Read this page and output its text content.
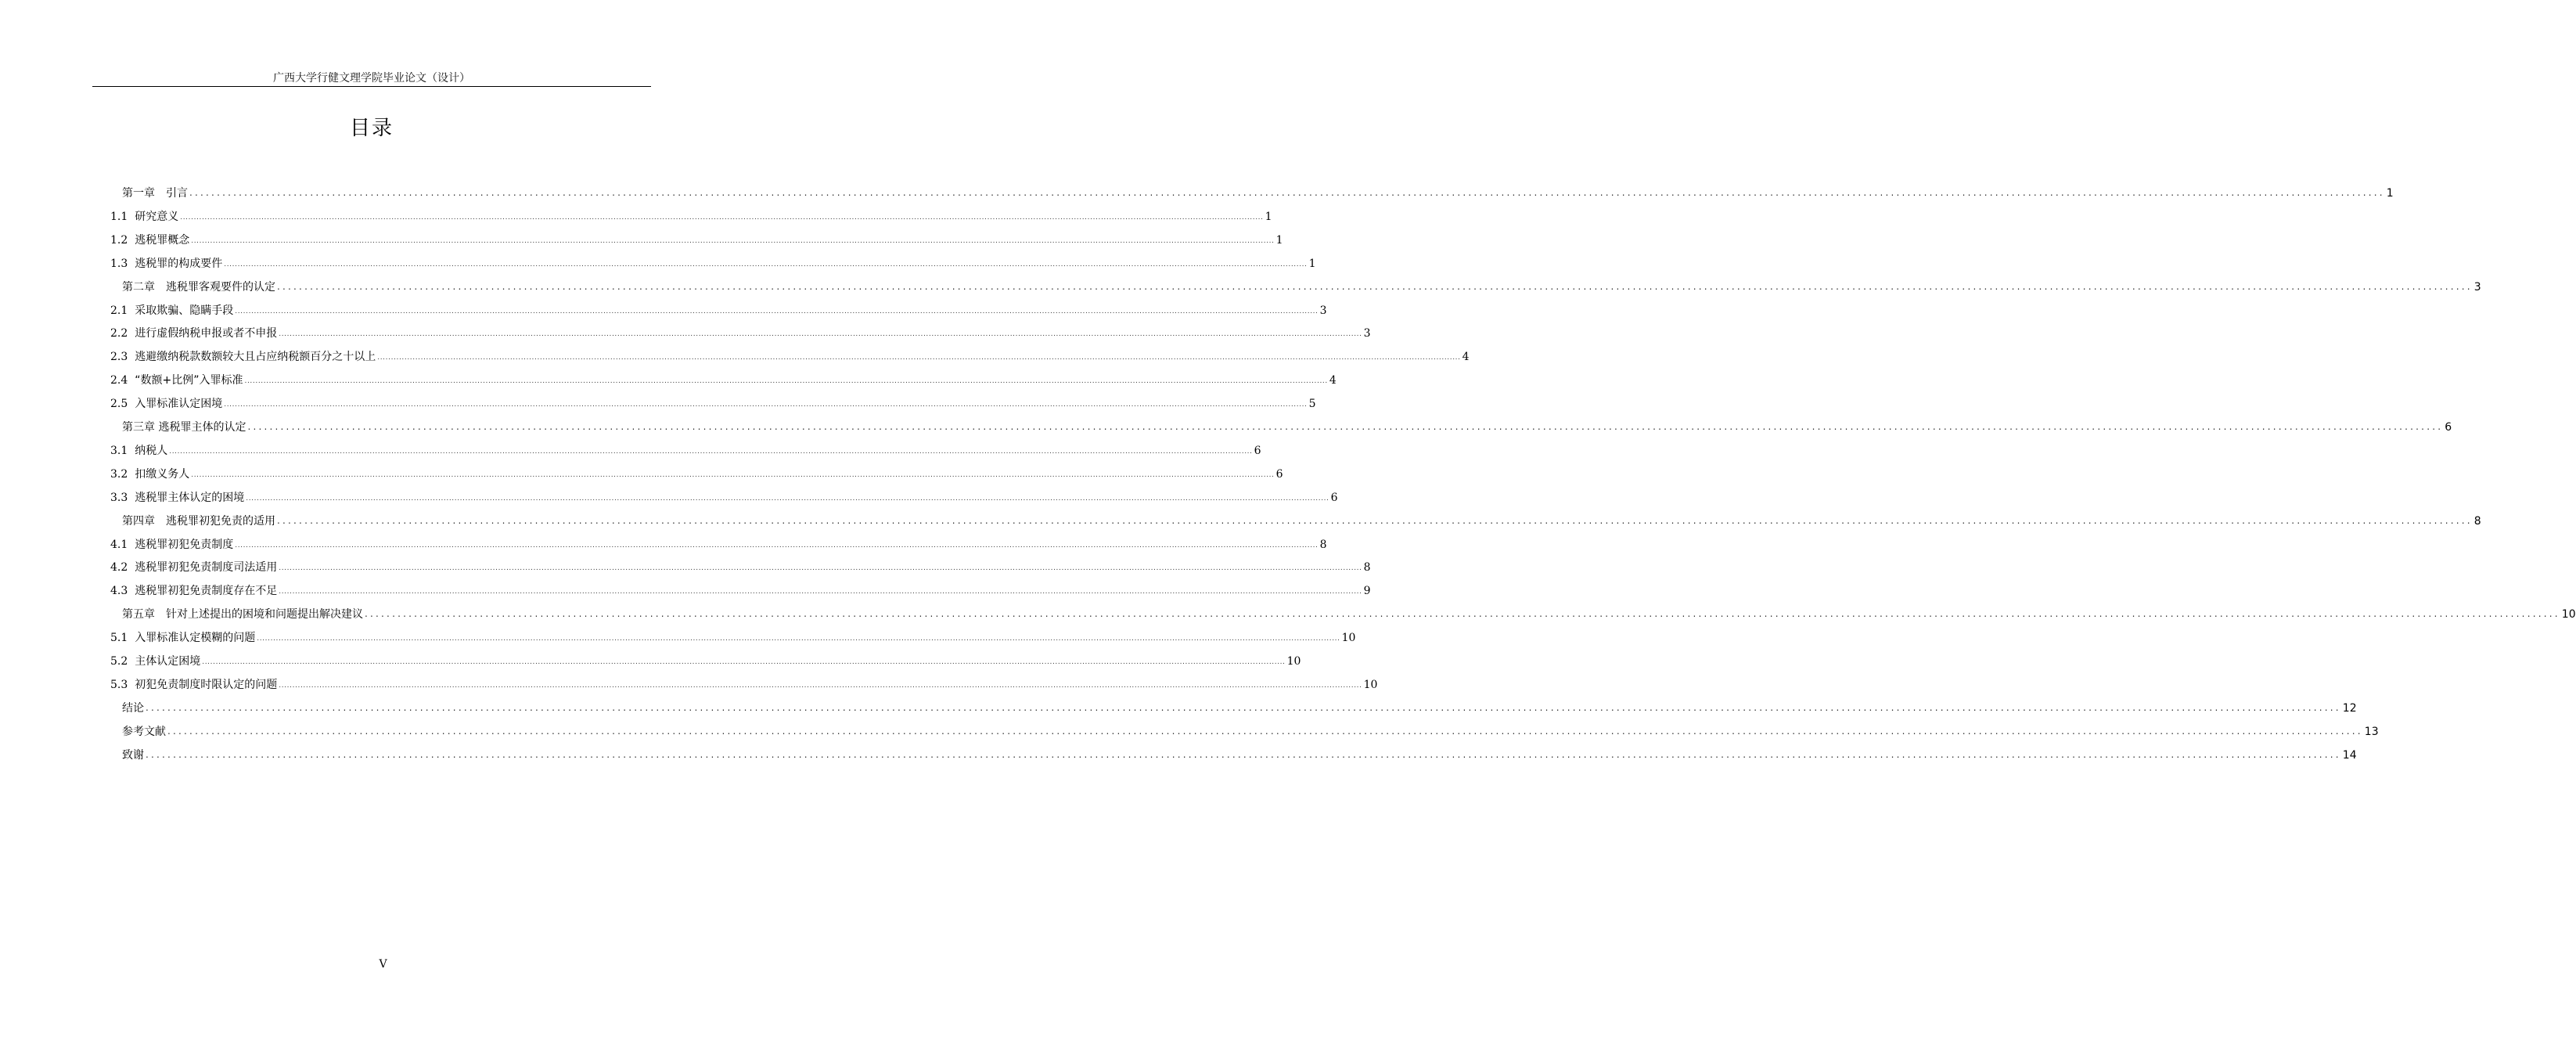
广西大学行健文理学院毕业论文（设计）
目录
第一章　引言 ................................................................................................................................................................................................................................................................................................................................................................................................................ 1
1.1 研究意义 ................................................................................................................................................................................................................................................................................................................................................................................................................ 1
1.2 逃税罪概念 ................................................................................................................................................................................................................................................................................................................................................................................................................ 1
1.3 逃税罪的构成要件 ................................................................................................................................................................................................................................................................................................................................................................................................................ 1
第二章　逃税罪客观要件的认定 ................................................................................................................................................................................................................................................................................................................................................................................................................ 3
2.1 采取欺骗、隐瞒手段 ................................................................................................................................................................................................................................................................................................................................................................................................................ 3
2.2 进行虚假纳税申报或者不申报 ................................................................................................................................................................................................................................................................................................................................................................................................................ 3
2.3 逃避缴纳税款数额较大且占应纳税额百分之十以上 ................................................................................................................................................................................................................................................................................................................................................................................................................ 4
2.4 “数额+比例”入罪标准 ................................................................................................................................................................................................................................................................................................................................................................................................................ 4
2.5 入罪标准认定困境 ................................................................................................................................................................................................................................................................................................................................................................................................................ 5
第三章 逃税罪主体的认定 ................................................................................................................................................................................................................................................................................................................................................................................................................ 6
3.1 纳税人 ................................................................................................................................................................................................................................................................................................................................................................................................................ 6
3.2 扣缴义务人 ................................................................................................................................................................................................................................................................................................................................................................................................................ 6
3.3 逃税罪主体认定的困境 ................................................................................................................................................................................................................................................................................................................................................................................................................ 6
第四章　逃税罪初犯免责的适用 ................................................................................................................................................................................................................................................................................................................................................................................................................ 8
4.1 逃税罪初犯免责制度 ................................................................................................................................................................................................................................................................................................................................................................................................................ 8
4.2 逃税罪初犯免责制度司法适用 ................................................................................................................................................................................................................................................................................................................................................................................................................ 8
4.3 逃税罪初犯免责制度存在不足 ................................................................................................................................................................................................................................................................................................................................................................................................................ 9
第五章　针对上述提出的困境和问题提出解决建议 ................................................................................................................................................................................................................................................................................................................................................................................................................ 10
5.1 入罪标准认定模糊的问题 ................................................................................................................................................................................................................................................................................................................................................................................................................ 10
5.2 主体认定困境 ................................................................................................................................................................................................................................................................................................................................................................................................................ 10
5.3 初犯免责制度时限认定的问题 ................................................................................................................................................................................................................................................................................................................................................................................................................ 10
结论 ................................................................................................................................................................................................................................................................................................................................................................................................................ 12
参考文献 ................................................................................................................................................................................................................................................................................................................................................................................................................ 13
致谢 ................................................................................................................................................................................................................................................................................................................................................................................................................ 14
V
